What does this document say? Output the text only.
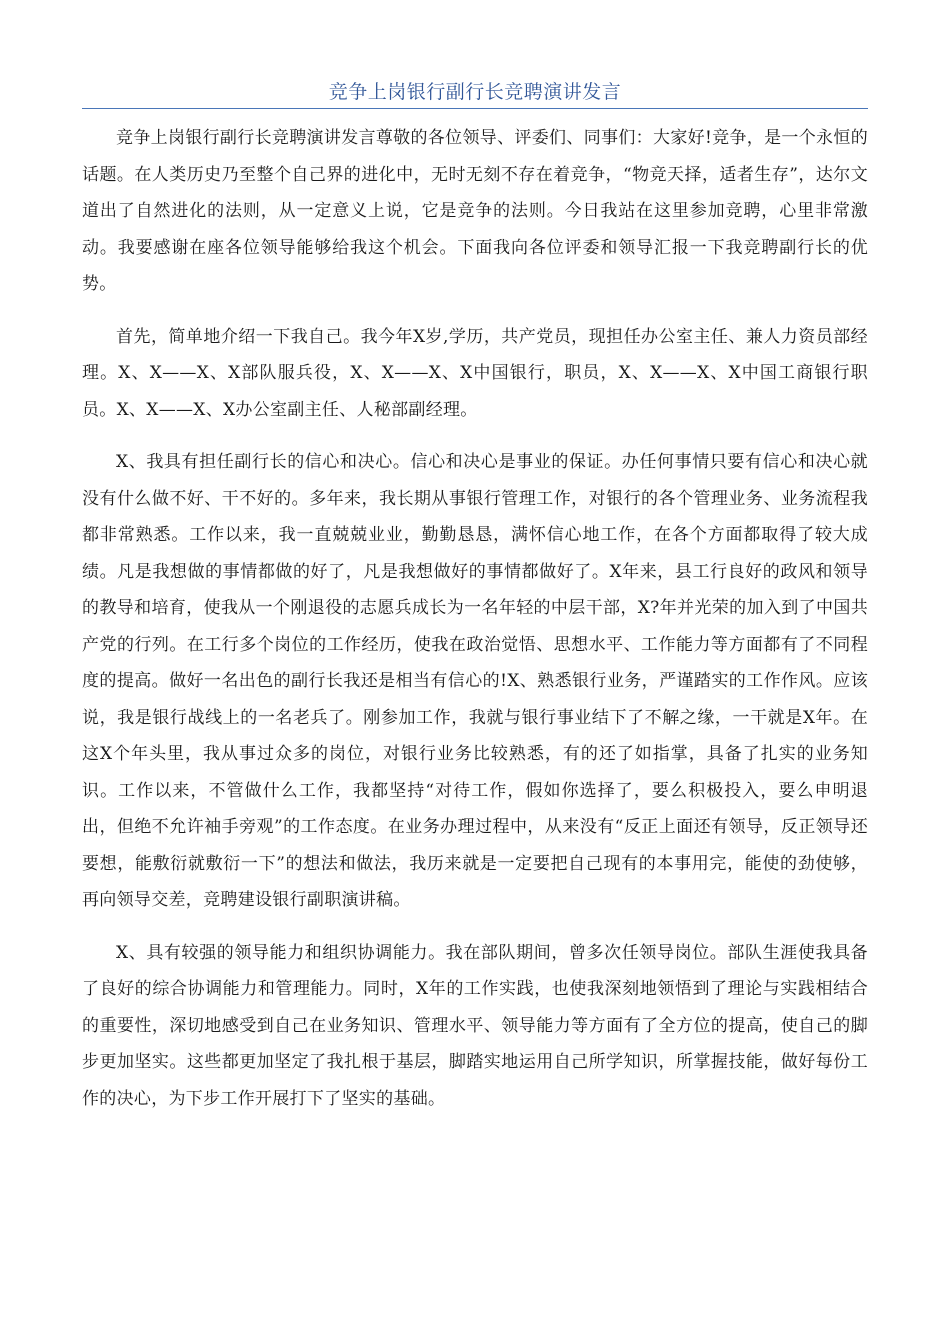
竞争上岗银行副行长竞聘演讲发言

竞争上岗银行副行长竞聘演讲发言尊敬的各位领导、评委们、同事们：大家好!竞争，是一个永恒的话题。在人类历史乃至整个自己界的进化中，无时无刻不存在着竞争，“物竞天择，适者生存”，达尔文道出了自然进化的法则，从一定意义上说，它是竞争的法则。今日我站在这里参加竞聘，心里非常激动。我要感谢在座各位领导能够给我这个机会。下面我向各位评委和领导汇报一下我竞聘副行长的优势。

首先，简单地介绍一下我自己。我今年X岁,学历，共产党员，现担任办公室主任、兼人力资员部经理。X、X——X、X部队服兵役，X、X——X、X中国银行，职员，X、X——X、X中国工商银行职员。X、X——X、X办公室副主任、人秘部副经理。

X、我具有担任副行长的信心和决心。信心和决心是事业的保证。办任何事情只要有信心和决心就没有什么做不好、干不好的。多年来，我长期从事银行管理工作，对银行的各个管理业务、业务流程我都非常熟悉。工作以来，我一直兢兢业业，勤勤恳恳，满怀信心地工作，在各个方面都取得了较大成绩。凡是我想做的事情都做的好了，凡是我想做好的事情都做好了。X年来，县工行良好的政风和领导的教导和培育，使我从一个刚退役的志愿兵成长为一名年轻的中层干部，X?年并光荣的加入到了中国共产党的行列。在工行多个岗位的工作经历，使我在政治觉悟、思想水平、工作能力等方面都有了不同程度的提高。做好一名出色的副行长我还是相当有信心的!X、熟悉银行业务，严谨踏实的工作作风。应该说，我是银行战线上的一名老兵了。刚参加工作，我就与银行事业结下了不解之缘，一干就是X年。在这X个年头里，我从事过众多的岗位，对银行业务比较熟悉，有的还了如指掌，具备了扎实的业务知识。工作以来，不管做什么工作，我都坚持“对待工作，假如你选择了，要么积极投入，要么申明退出，但绝不允许袖手旁观”的工作态度。在业务办理过程中，从来没有“反正上面还有领导，反正领导还要想，能敷衍就敷衍一下”的想法和做法，我历来就是一定要把自己现有的本事用完，能使的劲使够，再向领导交差，竞聘建设银行副职演讲稿。

X、具有较强的领导能力和组织协调能力。我在部队期间，曾多次任领导岗位。部队生涯使我具备了良好的综合协调能力和管理能力。同时，X年的工作实践，也使我深刻地领悟到了理论与实践相结合的重要性，深切地感受到自己在业务知识、管理水平、领导能力等方面有了全方位的提高，使自己的脚步更加坚实。这些都更加坚定了我扎根于基层，脚踏实地运用自己所学知识，所掌握技能，做好每份工作的决心，为下步工作开展打下了坚实的基础。
